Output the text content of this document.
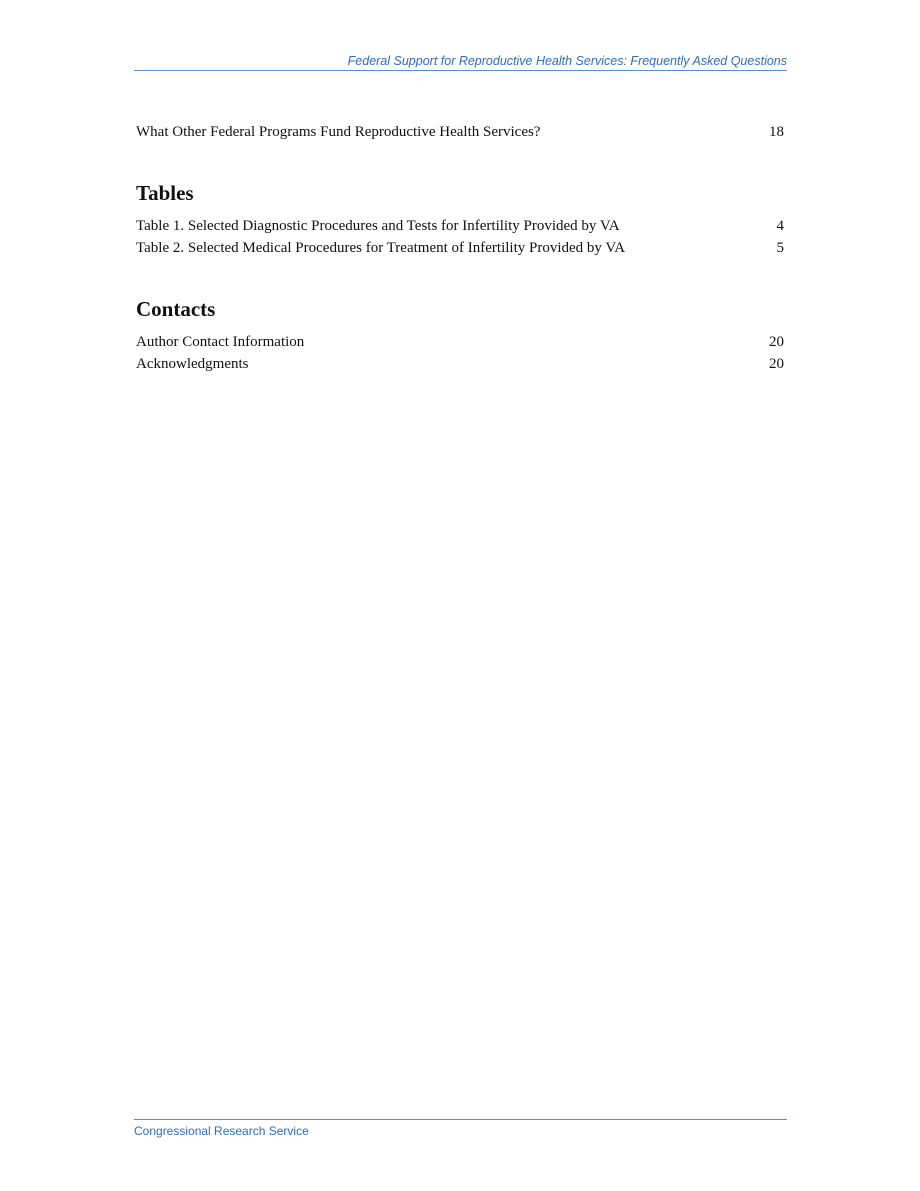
Federal Support for Reproductive Health Services: Frequently Asked Questions
What Other Federal Programs Fund Reproductive Health Services?	18
Tables
Table 1. Selected Diagnostic Procedures and Tests for Infertility Provided by VA	4
Table 2. Selected Medical Procedures for Treatment of Infertility Provided by VA	5
Contacts
Author Contact Information	20
Acknowledgments	20
Congressional Research Service
